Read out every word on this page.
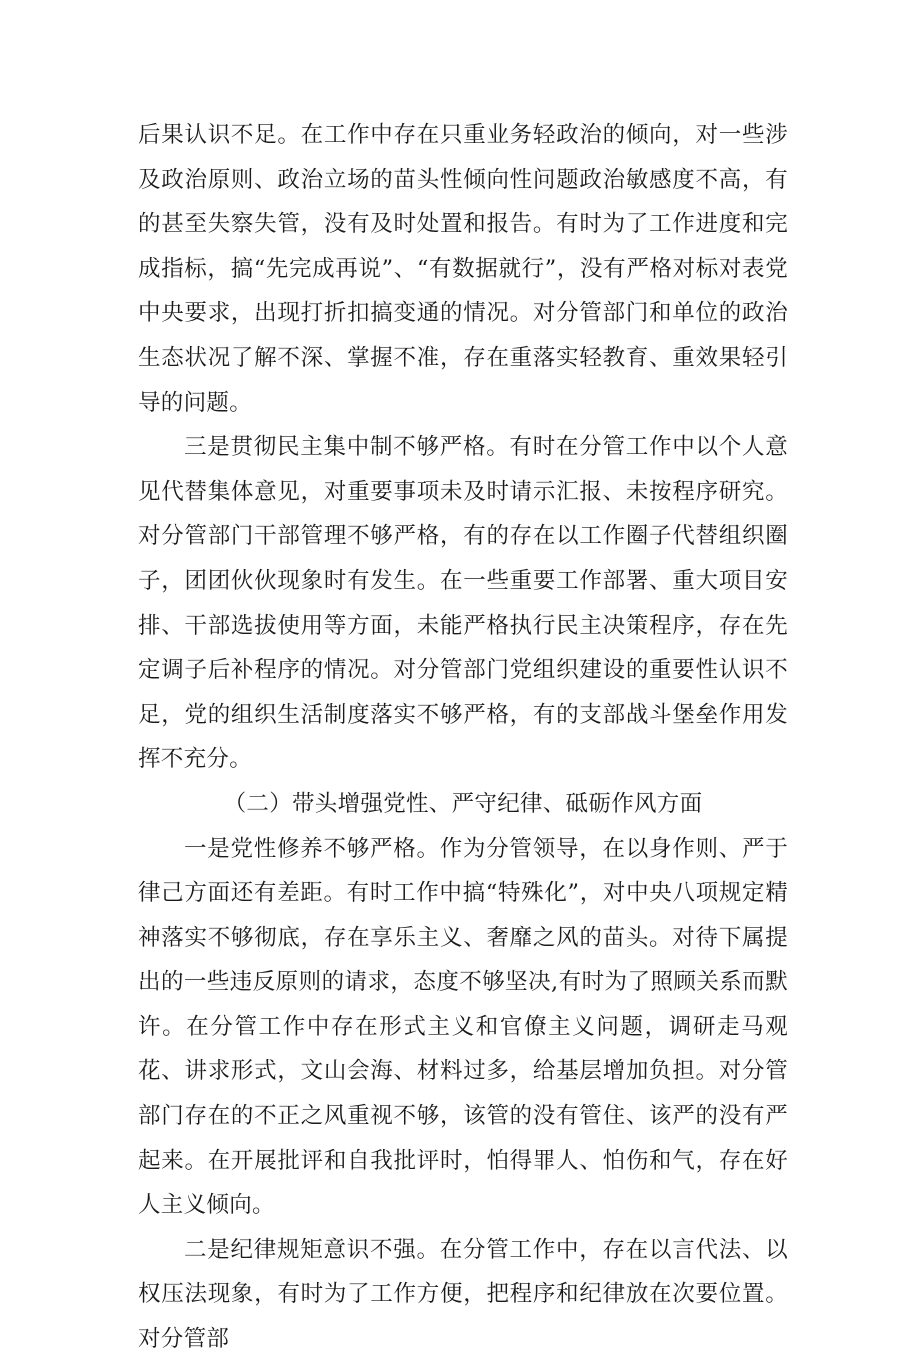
后果认识不足。在工作中存在只重业务轻政治的倾向，对一些涉及政治原则、政治立场的苗头性倾向性问题政治敏感度不高，有的甚至失察失管，没有及时处置和报告。有时为了工作进度和完成指标，搞“先完成再说”、“有数据就行”，没有严格对标对表党中央要求，出现打折扣搞变通的情况。对分管部门和单位的政治生态状况了解不深、掌握不准，存在重落实轻教育、重效果轻引导的问题。

三是贯彻民主集中制不够严格。有时在分管工作中以个人意见代替集体意见，对重要事项未及时请示汇报、未按程序研究。对分管部门干部管理不够严格，有的存在以工作圈子代替组织圈子，团团伙伙现象时有发生。在一些重要工作部署、重大项目安排、干部选拔使用等方面，未能严格执行民主决策程序，存在先定调子后补程序的情况。对分管部门党组织建设的重要性认识不足，党的组织生活制度落实不够严格，有的支部战斗堡垒作用发挥不充分。

（二）带头增强党性、严守纪律、砥砺作风方面

一是党性修养不够严格。作为分管领导，在以身作则、严于律己方面还有差距。有时工作中搞“特殊化”，对中央八项规定精神落实不够彻底，存在享乐主义、奢靡之风的苗头。对待下属提出的一些违反原则的请求，态度不够坚决,有时为了照顾关系而默许。在分管工作中存在形式主义和官僚主义问题，调研走马观花、讲求形式，文山会海、材料过多，给基层增加负担。对分管部门存在的不正之风重视不够，该管的没有管住、该严的没有严起来。在开展批评和自我批评时，怕得罪人、怕伤和气，存在好人主义倾向。

二是纪律规矩意识不强。在分管工作中，存在以言代法、以权压法现象，有时为了工作方便，把程序和纪律放在次要位置。对分管部
